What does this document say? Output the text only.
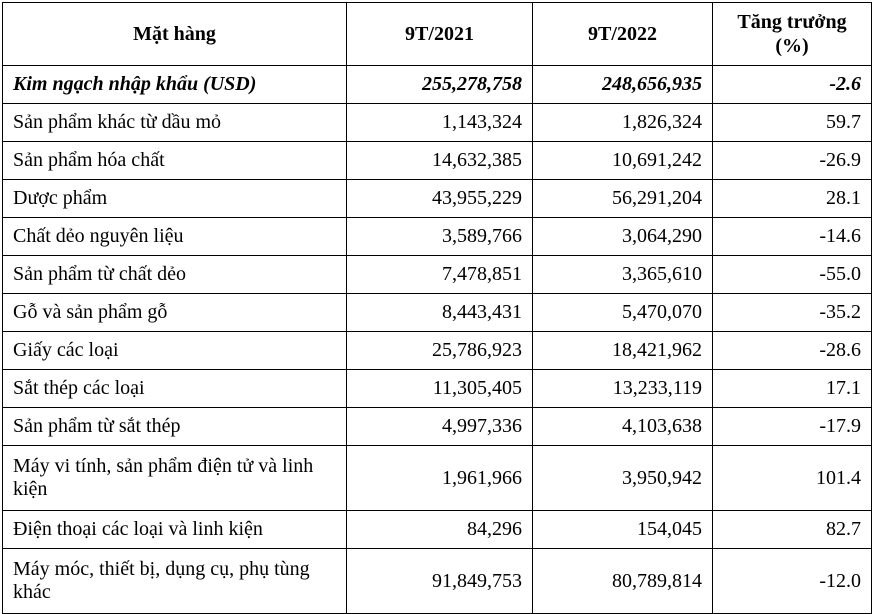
Mặt hàng	9T/2021	9T/2022	Tăng trưởng
(%)
Kim ngạch nhập khẩu (USD)	255,278,758	248,656,935	-2.6
Sản phẩm khác từ dầu mỏ	1,143,324	1,826,324	59.7
Sản phẩm hóa chất	14,632,385	10,691,242	-26.9
Dược phẩm	43,955,229	56,291,204	28.1
Chất dẻo nguyên liệu	3,589,766	3,064,290	-14.6
Sản phẩm từ chất dẻo	7,478,851	3,365,610	-55.0
Gỗ và sản phẩm gỗ	8,443,431	5,470,070	-35.2
Giấy các loại	25,786,923	18,421,962	-28.6
Sắt thép các loại	11,305,405	13,233,119	17.1
Sản phẩm từ sắt thép	4,997,336	4,103,638	-17.9
Máy vi tính, sản phẩm điện tử và linh kiện	1,961,966	3,950,942	101.4
Điện thoại các loại và linh kiện	84,296	154,045	82.7
Máy móc, thiết bị, dụng cụ, phụ tùng khác	91,849,753	80,789,814	-12.0
